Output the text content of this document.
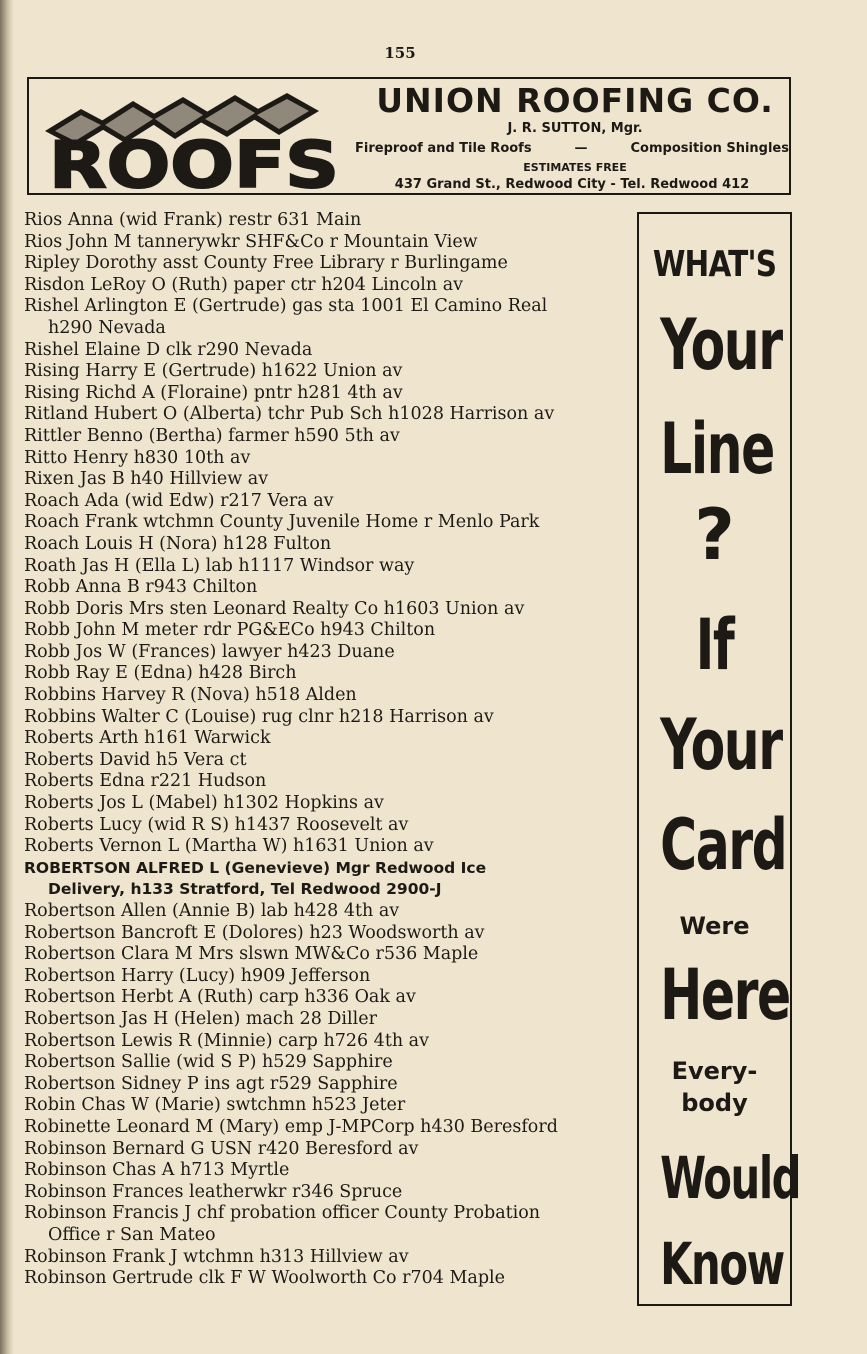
155
ROOFS
UNION ROOFING CO.
J. R. SUTTON, Mgr.
Fireproof and Tile Roofs	—	Composition Shingles
ESTIMATES FREE
437 Grand St., Redwood City - Tel. Redwood 412
Rios Anna (wid Frank) restr 631 Main
Rios John M tannerywkr SHF&Co r Mountain View
Ripley Dorothy asst County Free Library r Burlingame
Risdon LeRoy O (Ruth) paper ctr h204 Lincoln av
Rishel Arlington E (Gertrude) gas sta 1001 El Camino Real
h290 Nevada
Rishel Elaine D clk r290 Nevada
Rising Harry E (Gertrude) h1622 Union av
Rising Richd A (Floraine) pntr h281 4th av
Ritland Hubert O (Alberta) tchr Pub Sch h1028 Harrison av
Rittler Benno (Bertha) farmer h590 5th av
Ritto Henry h830 10th av
Rixen Jas B h40 Hillview av
Roach Ada (wid Edw) r217 Vera av
Roach Frank wtchmn County Juvenile Home r Menlo Park
Roach Louis H (Nora) h128 Fulton
Roath Jas H (Ella L) lab h1117 Windsor way
Robb Anna B r943 Chilton
Robb Doris Mrs sten Leonard Realty Co h1603 Union av
Robb John M meter rdr PG&ECo h943 Chilton
Robb Jos W (Frances) lawyer h423 Duane
Robb Ray E (Edna) h428 Birch
Robbins Harvey R (Nova) h518 Alden
Robbins Walter C (Louise) rug clnr h218 Harrison av
Roberts Arth h161 Warwick
Roberts David h5 Vera ct
Roberts Edna r221 Hudson
Roberts Jos L (Mabel) h1302 Hopkins av
Roberts Lucy (wid R S) h1437 Roosevelt av
Roberts Vernon L (Martha W) h1631 Union av
ROBERTSON ALFRED L (Genevieve) Mgr Redwood Ice
Delivery, h133 Stratford, Tel Redwood 2900-J
Robertson Allen (Annie B) lab h428 4th av
Robertson Bancroft E (Dolores) h23 Woodsworth av
Robertson Clara M Mrs slswn MW&Co r536 Maple
Robertson Harry (Lucy) h909 Jefferson
Robertson Herbt A (Ruth) carp h336 Oak av
Robertson Jas H (Helen) mach 28 Diller
Robertson Lewis R (Minnie) carp h726 4th av
Robertson Sallie (wid S P) h529 Sapphire
Robertson Sidney P ins agt r529 Sapphire
Robin Chas W (Marie) swtchmn h523 Jeter
Robinette Leonard M (Mary) emp J-MPCorp h430 Beresford
Robinson Bernard G USN r420 Beresford av
Robinson Chas A h713 Myrtle
Robinson Frances leatherwkr r346 Spruce
Robinson Francis J chf probation officer County Probation
Office r San Mateo
Robinson Frank J wtchmn h313 Hillview av
Robinson Gertrude clk F W Woolworth Co r704 Maple
WHAT'S
Your
Line
?
If
Your
Card
Were
Here
Every-
body
Would
Know
